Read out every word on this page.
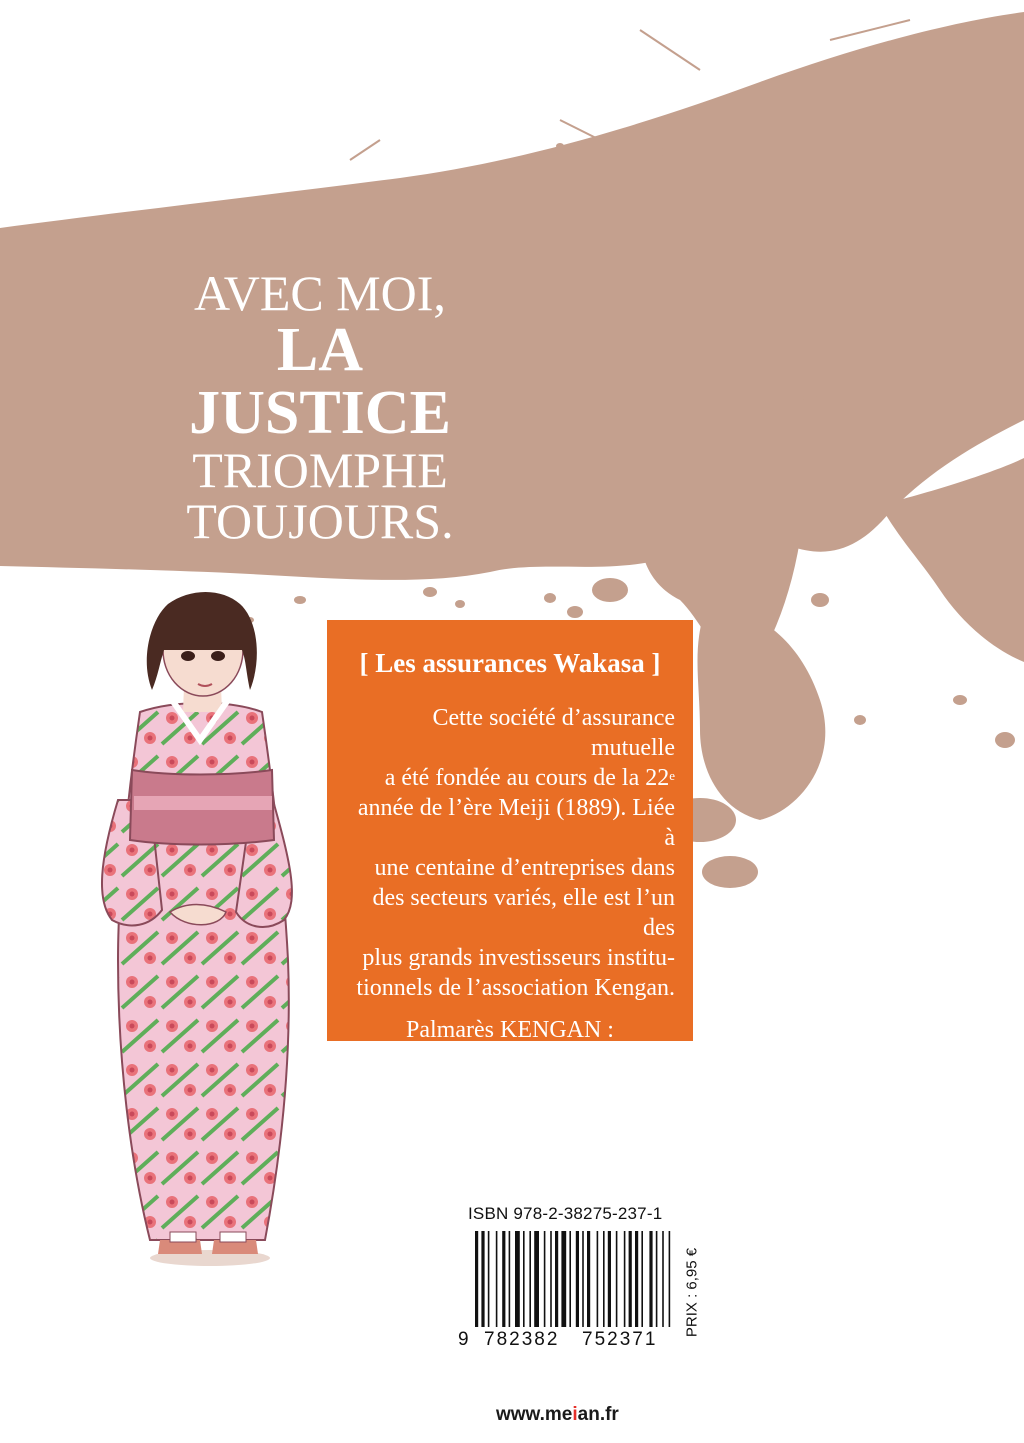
AVEC MOI,
LA JUSTICE
TRIOMPHE
TOUJOURS.
[ Les assurances Wakasa ]
Cette société d’assurance mutuelle
a été fondée au cours de la 22e
année de l’ère Meiji (1889). Liée à
une centaine d’entreprises dans
des secteurs variés, elle est l’un des
plus grands investisseurs institu-
tionnels de l’association Kengan.
Palmarès KENGAN :
1366 victoires et 909 défaites.
ISBN 978-2-38275-237-1
9 782382 752371
PRIX : 6,95 €
www.meian.fr
